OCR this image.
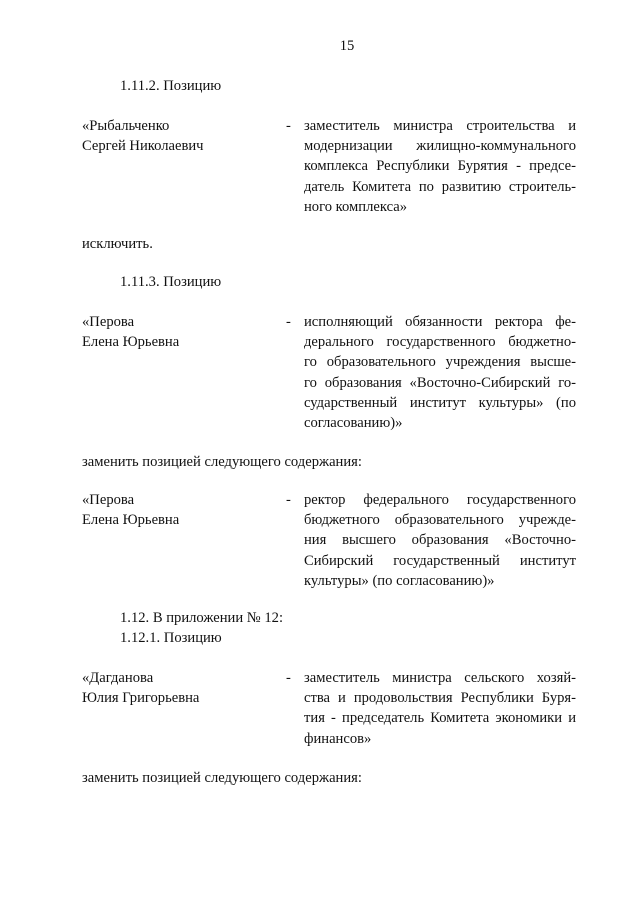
15
1.11.2. Позицию
«Рыбальченко
Сергей Николаевич
- заместитель министра строительства и
модернизации жилищно-коммунального
комплекса Республики Бурятия - предсе-
датель Комитета по развитию строитель-
ного комплекса»
исключить.
1.11.3. Позицию
«Перова
Елена Юрьевна
- исполняющий обязанности ректора фе-
дерального государственного бюджетно-
го образовательного учреждения высше-
го образования «Восточно-Сибирский го-
сударственный институт культуры» (по
согласованию)»
заменить позицией следующего содержания:
«Перова
Елена Юрьевна
- ректор федерального государственного
бюджетного образовательного учрежде-
ния высшего образования «Восточно-
Сибирский государственный институт
культуры» (по согласованию)»
1.12. В приложении № 12:
1.12.1. Позицию
«Дагданова
Юлия Григорьевна
- заместитель министра сельского хозяй-
ства и продовольствия Республики Буря-
тия - председатель Комитета экономики и
финансов»
заменить позицией следующего содержания:
